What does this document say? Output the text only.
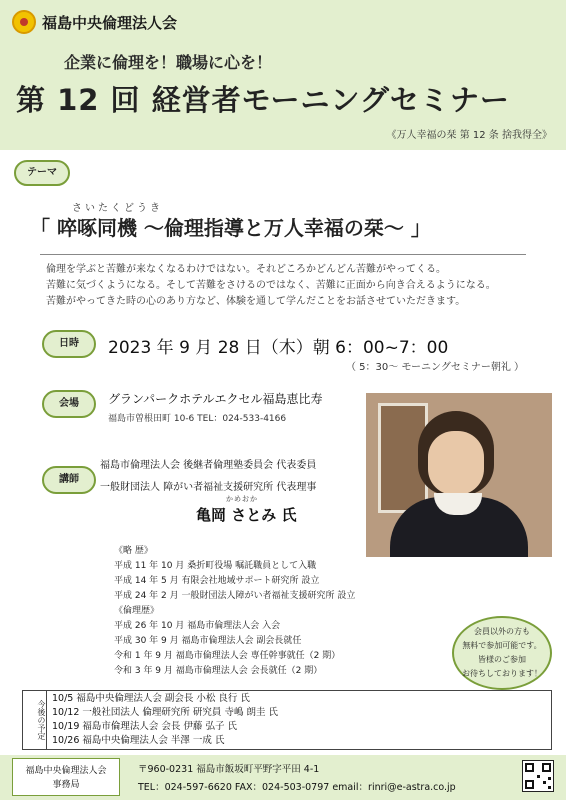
福島中央倫理法人会
企業に倫理を！職場に心を！
第 12 回 経営者モーニングセミナー
《万人幸福の栞 第 12 条 捨我得全》
テーマ
さいたくどうき
「 啐啄同機 ～倫理指導と万人幸福の栞～ 」
倫理を学ぶと苦難が来なくなるわけではない。それどころかどんどん苦難がやってくる。
苦難に気づくようになる。そして苦難をさけるのではなく、苦難に正面から向き合えるようになる。
苦難がやってきた時の心のあり方など、体験を通して学んだことをお話させていただきます。
日時	2023 年 9 月 28 日（木）朝 6：00~7：00
（ 5：30～ モーニングセミナー朝礼 ）
会場	グランパークホテルエクセル福島恵比寿
福島市曽根田町 10-6 TEL：024-533-4166
講師
福島市倫理法人会 後継者倫理塾委員会 代表委員
一般財団法人 障がい者福祉支援研究所 代表理事
かめおか
亀岡 さとみ 氏
《略 歴》
平成 11 年 10 月 桑折町役場 嘱託職員として入職
平成 14 年 5 月 有限会社地域サポート研究所 設立
平成 24 年 2 月 一般財団法人障がい者福祉支援研究所 設立
《倫理歴》
平成 26 年 10 月 福島市倫理法人会 入会
平成 30 年 9 月 福島市倫理法人会 副会長就任
令和 1 年 9 月 福島市倫理法人会 専任幹事就任（2 期）
令和 3 年 9 月 福島市倫理法人会 会長就任（2 期）
会員以外の方も
無料で参加可能です。
皆様のご参加
お待ちしております！
今後の予定
10/5 福島中央倫理法人会 副会長 小松 良行 氏
10/12 一般社団法人 倫理研究所 研究員 寺嶋 朗圭 氏
10/19 福島市倫理法人会 会長 伊藤 弘子 氏
10/26 福島中央倫理法人会 半澤 一成 氏
福島中央倫理法人会
事務局
〒960-0231 福島市飯坂町平野字平田 4-1
TEL：024-597-6620 FAX：024-503-0797 email：rinri@e-astra.co.jp
